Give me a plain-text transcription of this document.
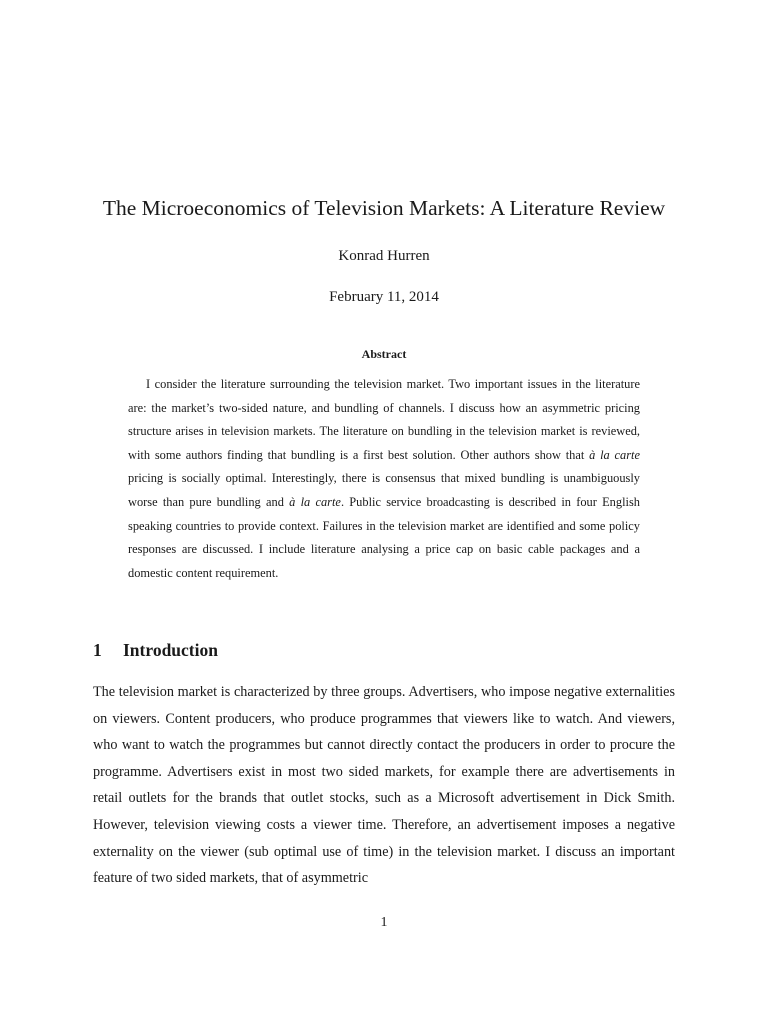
The Microeconomics of Television Markets: A Literature Review
Konrad Hurren
February 11, 2014
Abstract

I consider the literature surrounding the television market. Two important issues in the literature are: the market’s two-sided nature, and bundling of channels. I discuss how an asymmetric pricing structure arises in television markets. The literature on bundling in the television market is reviewed, with some authors finding that bundling is a first best solution. Other authors show that à la carte pricing is socially optimal. Interestingly, there is consensus that mixed bundling is unambiguously worse than pure bundling and à la carte. Public service broadcasting is described in four English speaking countries to provide context. Failures in the television market are identified and some policy responses are discussed. I include literature analysing a price cap on basic cable packages and a domestic content requirement.

1 Introduction

The television market is characterized by three groups. Advertisers, who impose negative externalities on viewers. Content producers, who produce programmes that viewers like to watch. And viewers, who want to watch the programmes but cannot directly contact the producers in order to procure the programme. Advertisers exist in most two sided markets, for example there are advertisements in retail outlets for the brands that outlet stocks, such as a Microsoft advertisement in Dick Smith. However, television viewing costs a viewer time. Therefore, an advertisement imposes a negative externality on the viewer (sub optimal use of time) in the television market. I discuss an important feature of two sided markets, that of asymmetric

1
